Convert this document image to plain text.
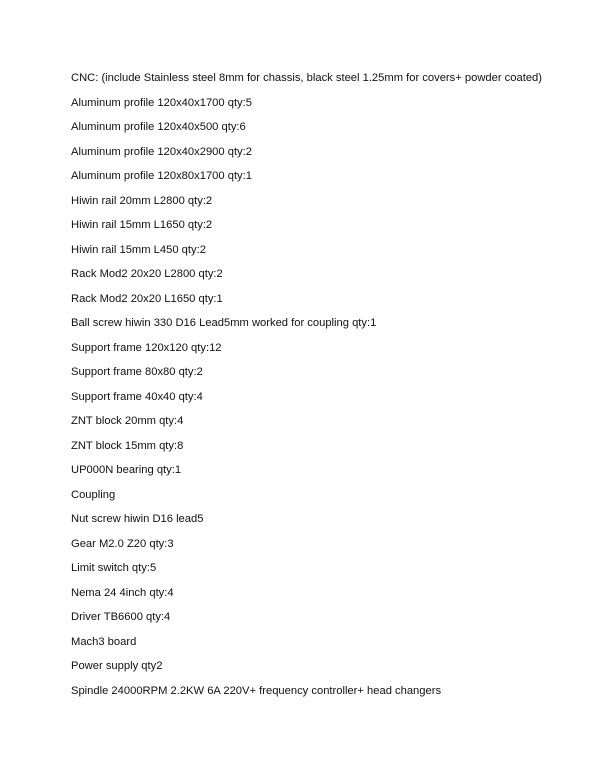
CNC: (include Stainless steel 8mm for chassis, black steel 1.25mm for covers+ powder coated)
Aluminum profile 120x40x1700 qty:5
Aluminum profile 120x40x500 qty:6
Aluminum profile 120x40x2900 qty:2
Aluminum profile 120x80x1700 qty:1
Hiwin rail 20mm L2800 qty:2
Hiwin rail 15mm L1650 qty:2
Hiwin rail 15mm L450 qty:2
Rack Mod2 20x20 L2800 qty:2
Rack Mod2 20x20 L1650 qty:1
Ball screw hiwin 330 D16 Lead5mm worked for coupling qty:1
Support frame 120x120 qty:12
Support frame 80x80 qty:2
Support frame 40x40 qty:4
ZNT block 20mm qty:4
ZNT block 15mm qty:8
UP000N bearing qty:1
Coupling
Nut screw hiwin D16 lead5
Gear M2.0 Z20 qty:3
Limit switch qty:5
Nema 24 4inch qty:4
Driver TB6600 qty:4
Mach3 board
Power supply qty2
Spindle 24000RPM 2.2KW 6A 220V+ frequency controller+ head changers
